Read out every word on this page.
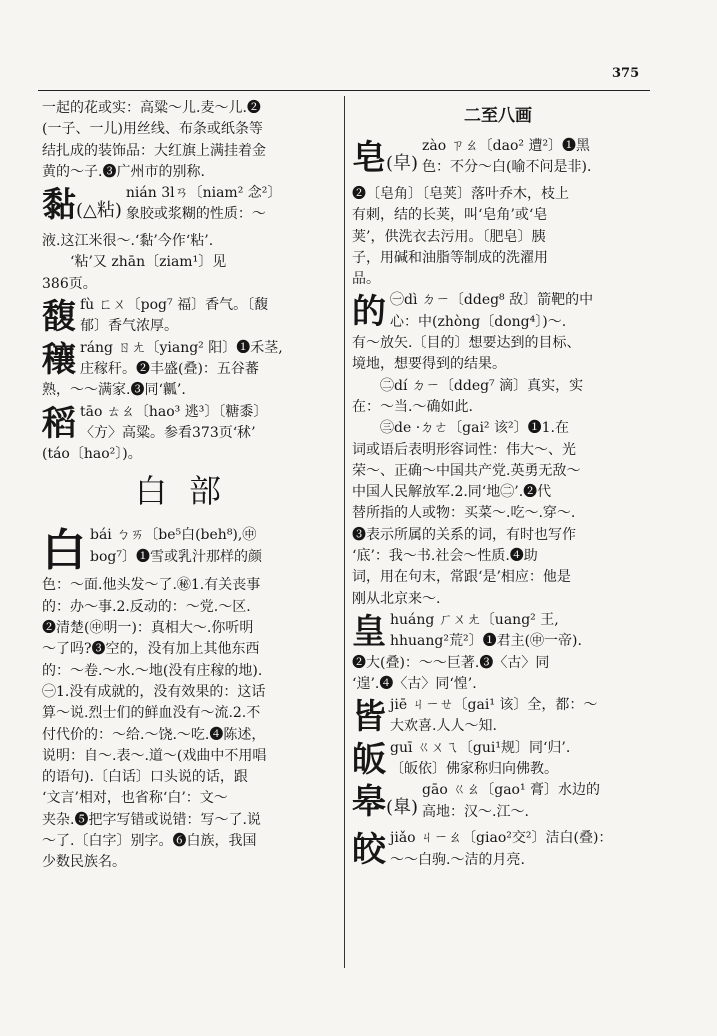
375

一起的花或实：高粱～儿.麦～儿.❷

(一子、一儿)用丝线、布条或纸条等

结扎成的装饰品：大红旗上满挂着金

黄的～子.❸广州市的别称.

黏(△粘)

nián 3lㄢ〔niam² 念²〕

象胶或浆糊的性质：～

液.这江米很～.‘黏’今作‘粘’.

‘粘’又 zhān〔ziam¹〕见

386页。

馥 fù ㄈㄨ〔pog⁷ 福〕香气。〔馥

郁〕香气浓厚。

穰 ráng ㄖㄤ〔yiang² 阳〕❶禾茎,

庄稼秆。❷丰盛(叠)：五谷蕃

熟，～～满家.❸同‘瓤’.

稻 tāo ㄊㄠ〔hao³ 逃³〕〔糖黍〕

〈方〉高粱。参看373页‘秫’

(táo〔hao²〕)。

白部
白 bái ㄅㄞ〔be⁵白(beh⁸),㊥

bog⁷〕❶雪或乳汁那样的颜

色：～面.他头发～了.㊙1.有关丧事

的：办～事.2.反动的：～党.～区.

❷清楚(㊥明一)：真相大～.你听明

～了吗?❸空的，没有加上其他东西

的：～卷.～水.～地(没有庄稼的地).

㊀1.没有成就的，没有效果的：这话

算～说.烈士们的鲜血没有～流.2.不

付代价的：～给.～饶.～吃.❹陈述，

说明：自～.表～.道～(戏曲中不用唱

的语句).〔白话〕口头说的话，跟

‘文言’相对，也省称‘白’：文～

夹杂.❺把字写错或说错：写～了.说

～了.〔白字〕别字。❻白族，我国

少数民族名。

二至八画
皂(皁)

zào ㄗㄠ〔dao² 遭²〕❶黑

色：不分～白(喻不问是非).

❷〔皂角〕〔皂荚〕落叶乔木，枝上

有刺，结的长荚，叫‘皂角’或‘皂

荚’，供洗衣去污用。〔肥皂〕胰

子，用碱和油脂等制成的洗濯用

品。

的 ㊀dì ㄉㄧ〔ddeg⁸ 敌〕箭靶的中

心：中(zhòng〔dong⁴〕)～.

有～放矢.〔目的〕想要达到的目标、

境地，想要得到的结果。

㊁dí ㄉㄧ〔ddeg⁷ 滴〕真实，实

在：～当.～确如此.

㊂de ·ㄉㄜ〔gai² 该²〕❶1.在

词或语后表明形容词性：伟大～、光

荣～、正确～中国共产党.英勇无敌～

中国人民解放军.2.同‘地㊁’.❷代

替所指的人或物：买菜～.吃～.穿～.

❸表示所属的关系的词，有时也写作

‘底’：我～书.社会～性质.❹助

词，用在句末，常跟‘是’相应：他是

刚从北京来～.

皇 huáng ㄏㄨㄤ〔uang² 王,

hhuang²荒²〕❶君主(㊥一帝).

❷大(叠)：～～巨著.❸〈古〉同

‘遑’.❹〈古〉同‘惶’.

皆 jiē ㄐㄧㄝ〔gai¹ 该〕全，都：～

大欢喜.人人～知.

皈 guī ㄍㄨㄟ〔gui¹规〕同‘归’.

〔皈依〕佛家称归向佛教。

皋(臯)

gāo ㄍㄠ〔gao¹ 膏〕水边的

高地：汉～.江～.

皎 jiǎo ㄐㄧㄠ〔giao²交²〕洁白(叠)：

～～白驹.～洁的月亮.
